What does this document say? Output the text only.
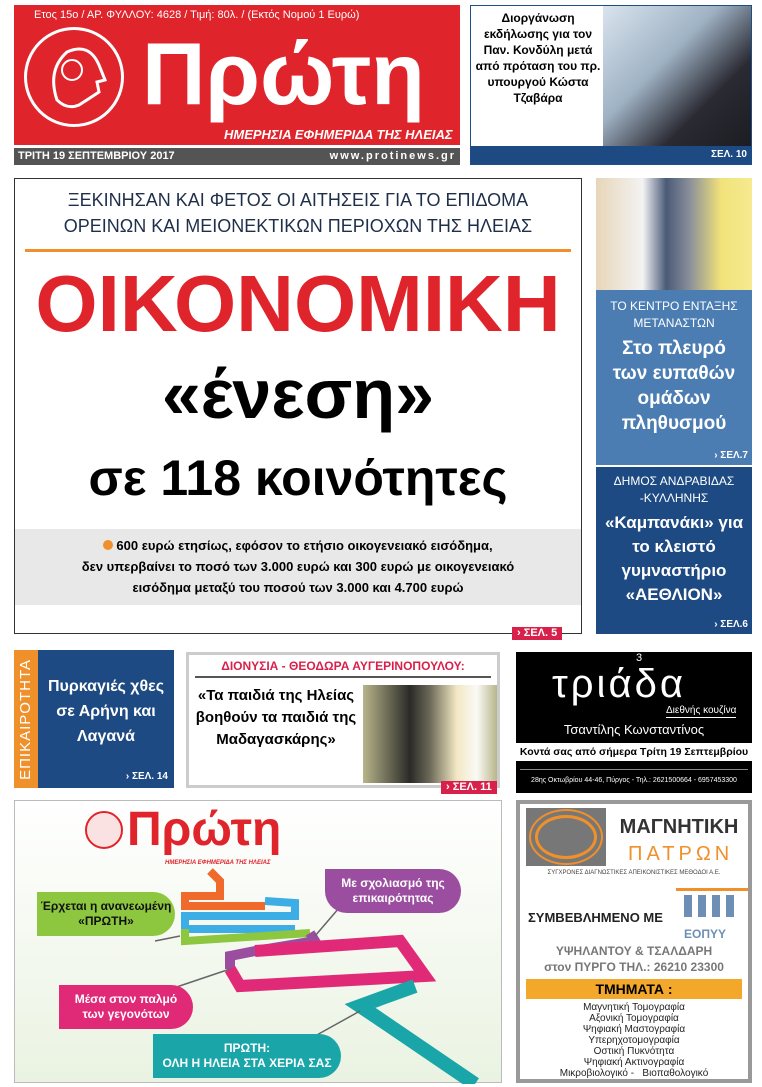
Ετος 15ο / ΑΡ. ΦΥΛΛΟΥ: 4628 / Τιμή: 80λ. / (Εκτός Νομού 1 Ευρώ)
Πρώτη
ΗΜΕΡΗΣΙΑ ΕΦΗΜΕΡΙΔΑ ΤΗΣ ΗΛΕΙΑΣ
ΤΡΙΤΗ 19 ΣΕΠΤΕΜΒΡΙΟΥ 2017	www.protinews.gr
Διοργάνωση εκδήλωσης για τον Παν. Κονδύλη μετά από πρόταση του πρ. υπουργού Κώστα Τζαβάρα
ΣΕΛ. 10
ΞΕΚΙΝΗΣΑΝ ΚΑΙ ΦΕΤΟΣ ΟΙ ΑΙΤΗΣΕΙΣ ΓΙΑ ΤΟ ΕΠΙΔΟΜΑ
ΟΡΕΙΝΩΝ ΚΑΙ ΜΕΙΟΝΕΚΤΙΚΩΝ ΠΕΡΙΟΧΩΝ ΤΗΣ ΗΛΕΙΑΣ
ΟΙΚΟΝΟΜΙΚΗ
«ένεση»
σε 118 κοινότητες
600 ευρώ ετησίως, εφόσον το ετήσιο οικογενειακό εισόδημα,
δεν υπερβαίνει το ποσό των 3.000 ευρώ και 300 ευρώ με οικογενειακό
εισόδημα μεταξύ του ποσού των 3.000 και 4.700 ευρώ
› ΣΕΛ. 5
ΤΟ ΚΕΝΤΡΟ ΕΝΤΑΞΗΣ ΜΕΤΑΝΑΣΤΩΝ
Στο πλευρό των ευπαθών ομάδων πληθυσμού
› ΣΕΛ.7
ΔΗΜΟΣ ΑΝΔΡΑΒΙΔΑΣ -ΚΥΛΛΗΝΗΣ
«Καμπανάκι» για το κλειστό γυμναστήριο «ΑΕΘΛΙΟΝ»
› ΣΕΛ.6
ΕΠΙΚΑΙΡΟΤΗΤΑ Πυρκαγιές χθες σε Αρήνη και Λαγανά
› ΣΕΛ. 14
ΔΙΟΝΥΣΙΑ - ΘΕΟΔΩΡΑ ΑΥΓΕΡΙΝΟΠΟΥΛΟΥ:
«Τα παιδιά της Ηλείας βοηθούν τα παιδιά της Μαδαγασκάρης»
› ΣΕΛ. 11
3
τριάδα
Διεθνής κουζίνα
Τσαντίλης Κωνσταντίνος
Κοντά σας από σήμερα Τρίτη 19 Σεπτεμβρίου
28ης Οκτωβρίου 44-46, Πύργος - Τηλ.: 2621500664 - 6957453300
Πρώτη
ΗΜΕΡΗΣΙΑ ΕΦΗΜΕΡΙΔΑ ΤΗΣ ΗΛΕΙΑΣ
Έρχεται η ανανεωμένη «ΠΡΩΤΗ»
Με σχολιασμό της επικαιρότητας
Μέσα στον παλμό των γεγονότων
ΠΡΩΤΗ:
ΟΛΗ Η ΗΛΕΙΑ ΣΤΑ ΧΕΡΙΑ ΣΑΣ
ΜΑΓΝΗΤΙΚΗ
ΠΑΤΡΩΝ
ΣΥΓΧΡΟΝΕΣ ΔΙΑΓΝΩΣΤΙΚΕΣ ΑΠΕΙΚΟΝΙΣΤΙΚΕΣ ΜΕΘΟΔΟΙ Α.Ε.
ΣΥΜΒΕΒΛΗΜΕΝΟ ΜΕ
ΕΟΠΥΥ
ΥΨΗΛΑΝΤΟΥ & ΤΣΑΛΔΑΡΗ
στον ΠΥΡΓΟ ΤΗΛ.: 26210 23300
ΤΜΗΜΑΤΑ :
Μαγνητική Τομογραφία
Αξονική Τομογραφία
Ψηφιακή Μαστογραφία
Υπερηχοτομογραφία
Οστική Πυκνότητα
Ψηφιακή Ακτινογραφία
Μικροβιολογικό -   Βιοπαθολογικό
